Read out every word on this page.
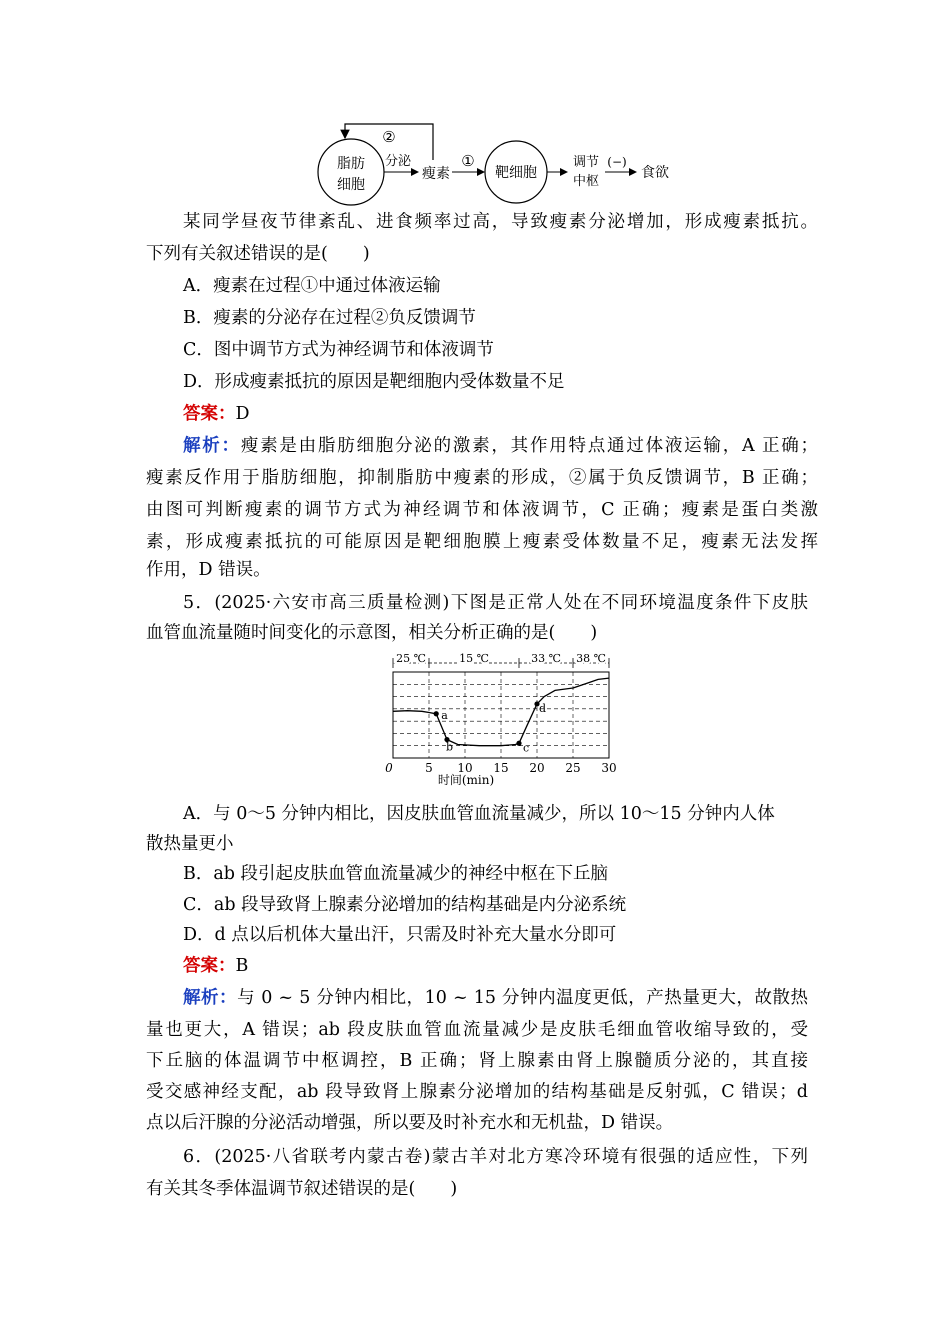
脂肪
细胞
分泌
瘦素
②
①
靶细胞
调节 (−)
中枢
食欲
某同学昼夜节律紊乱、进食频率过高，导致瘦素分泌增加，形成瘦素抵抗。
下列有关叙述错误的是(　　)
A．瘦素在过程①中通过体液运输
B．瘦素的分泌存在过程②负反馈调节
C．图中调节方式为神经调节和体液调节
D．形成瘦素抵抗的原因是靶细胞内受体数量不足
答案：D
解析：瘦素是由脂肪细胞分泌的激素，其作用特点通过体液运输，A 正确；
瘦素反作用于脂肪细胞，抑制脂肪中瘦素的形成，②属于负反馈调节，B 正确；
由图可判断瘦素的调节方式为神经调节和体液调节，C 正确；瘦素是蛋白类激
素，形成瘦素抵抗的可能原因是靶细胞膜上瘦素受体数量不足，瘦素无法发挥
作用，D 错误。
5．(2025·六安市高三质量检测)下图是正常人处在不同环境温度条件下皮肤
血管血流量随时间变化的示意图，相关分析正确的是(　　)
25 ℃	15 ℃	33 ℃ 38 ℃
a
b	c
d
0	5 10 15 20 25 30
时间(min)
A．与 0～5 分钟内相比，因皮肤血管血流量减少，所以 10～15 分钟内人体
散热量更小
B．ab 段引起皮肤血管血流量减少的神经中枢在下丘脑
C．ab 段导致肾上腺素分泌增加的结构基础是内分泌系统
D．d 点以后机体大量出汗，只需及时补充大量水分即可
答案：B
解析：与 0 ~ 5 分钟内相比，10 ~ 15 分钟内温度更低，产热量更大，故散热
量也更大，A 错误；ab 段皮肤血管血流量减少是皮肤毛细血管收缩导致的，受
下丘脑的体温调节中枢调控，B 正确；肾上腺素由肾上腺髓质分泌的，其直接
受交感神经支配，ab 段导致肾上腺素分泌增加的结构基础是反射弧，C 错误；d
点以后汗腺的分泌活动增强，所以要及时补充水和无机盐，D 错误。
6．(2025·八省联考内蒙古卷)蒙古羊对北方寒冷环境有很强的适应性，下列
有关其冬季体温调节叙述错误的是(　　)
